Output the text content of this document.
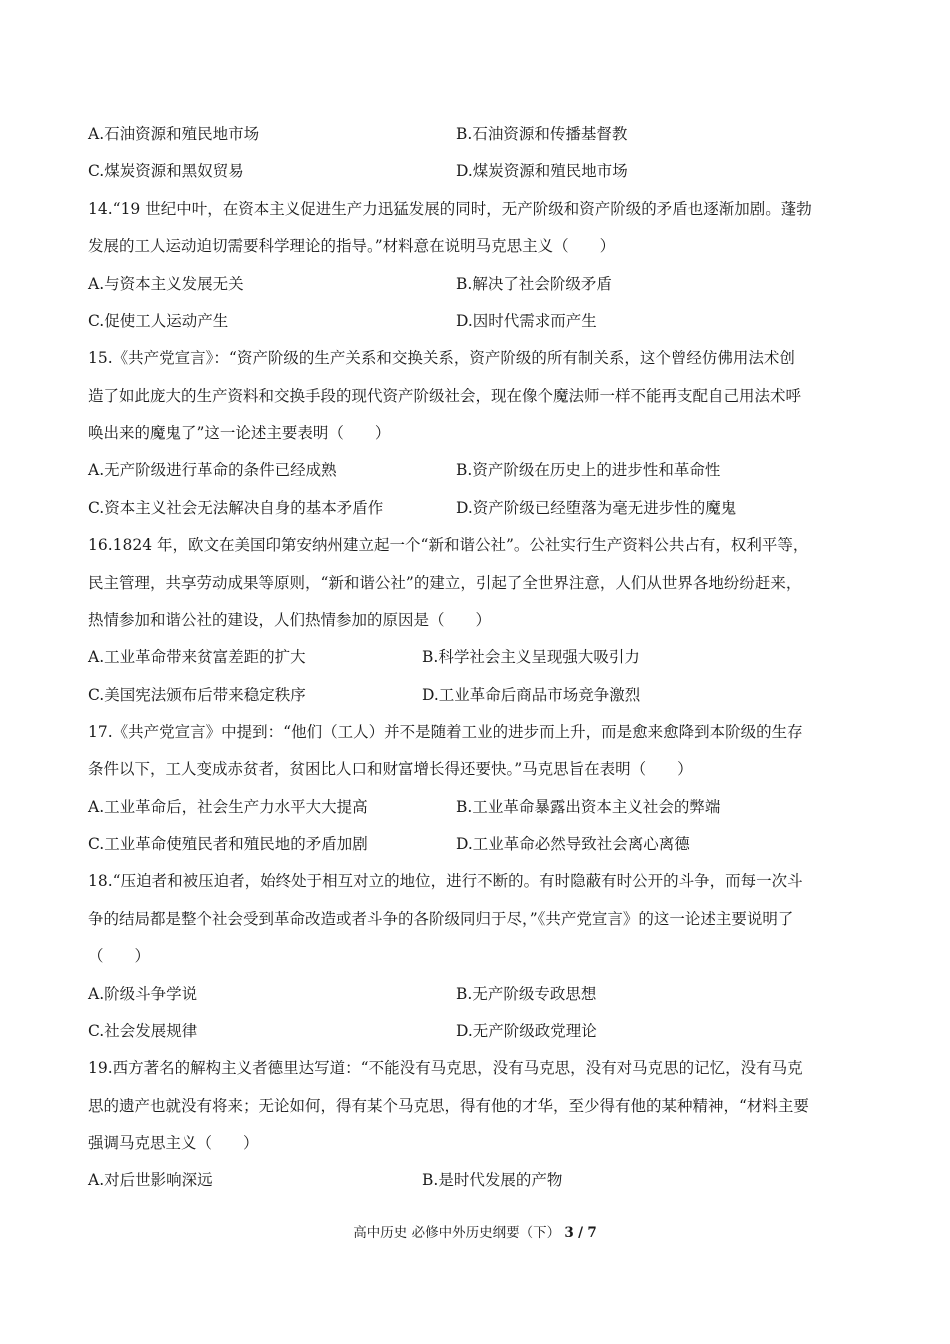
A.石油资源和殖民地市场	B.石油资源和传播基督教
C.煤炭资源和黑奴贸易	D.煤炭资源和殖民地市场
14.“19 世纪中叶，在资本主义促进生产力迅猛发展的同时，无产阶级和资产阶级的矛盾也逐渐加剧。蓬勃
发展的工人运动迫切需要科学理论的指导。”材料意在说明马克思主义（　　）
A.与资本主义发展无关	B.解决了社会阶级矛盾
C.促使工人运动产生	D.因时代需求而产生
15.《共产党宣言》：“资产阶级的生产关系和交换关系，资产阶级的所有制关系，这个曾经仿佛用法术创
造了如此庞大的生产资料和交换手段的现代资产阶级社会，现在像个魔法师一样不能再支配自己用法术呼
唤出来的魔鬼了”这一论述主要表明（　　）
A.无产阶级进行革命的条件已经成熟	B.资产阶级在历史上的进步性和革命性
C.资本主义社会无法解决自身的基本矛盾作	D.资产阶级已经堕落为毫无进步性的魔鬼
16.1824 年，欧文在美国印第安纳州建立起一个“新和谐公社”。公社实行生产资料公共占有，权利平等，
民主管理，共享劳动成果等原则，“新和谐公社”的建立，引起了全世界注意，人们从世界各地纷纷赶来，
热情参加和谐公社的建设，人们热情参加的原因是（　　）
A.工业革命带来贫富差距的扩大	B.科学社会主义呈现强大吸引力
C.美国宪法颁布后带来稳定秩序	D.工业革命后商品市场竞争激烈
17.《共产党宣言》中提到：“他们（工人）并不是随着工业的进步而上升，而是愈来愈降到本阶级的生存
条件以下，工人变成赤贫者，贫困比人口和财富增长得还要快。”马克思旨在表明（　　）
A.工业革命后，社会生产力水平大大提高	B.工业革命暴露出资本主义社会的弊端
C.工业革命使殖民者和殖民地的矛盾加剧	D.工业革命必然导致社会离心离德
18.“压迫者和被压迫者，始终处于相互对立的地位，进行不断的。有时隐蔽有时公开的斗争，而每一次斗
争的结局都是整个社会受到革命改造或者斗争的各阶级同归于尽，”《共产党宣言》的这一论述主要说明了
（　　）
A.阶级斗争学说	B.无产阶级专政思想
C.社会发展规律	D.无产阶级政党理论
19.西方著名的解构主义者德里达写道：“不能没有马克思，没有马克思，没有对马克思的记忆，没有马克
思的遗产也就没有将来；无论如何，得有某个马克思，得有他的才华，至少得有他的某种精神，“材料主要
强调马克思主义（　　）
A.对后世影响深远	B.是时代发展的产物
高中历史 必修中外历史纲要（下） 3 / 7
